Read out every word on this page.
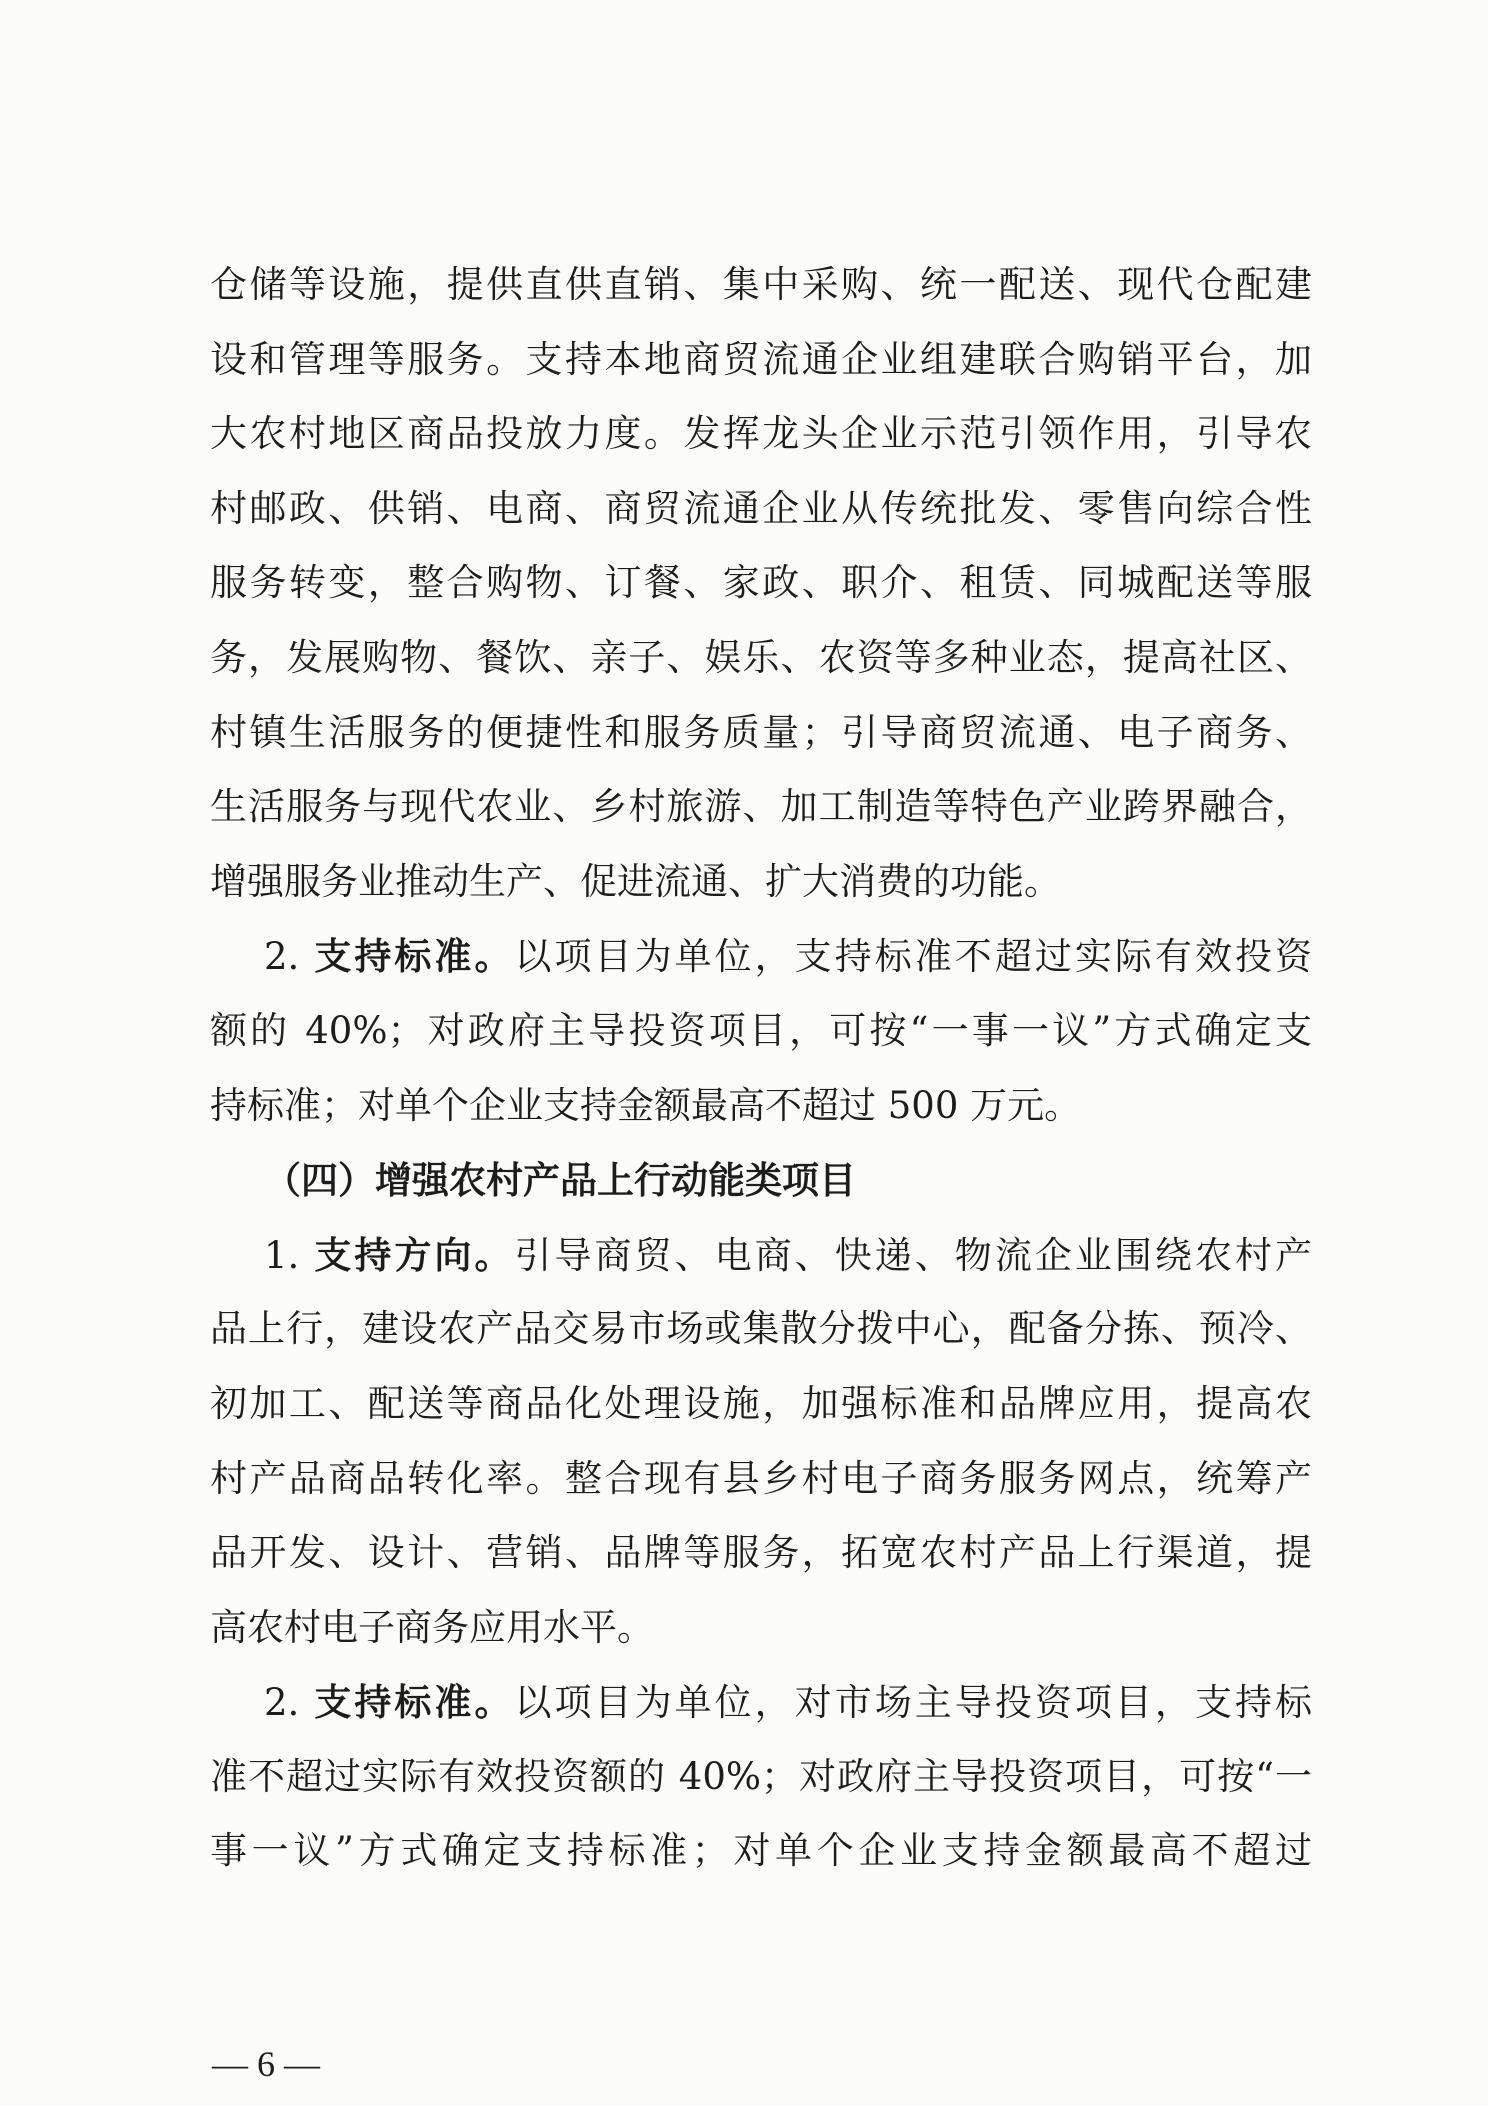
仓储等设施，提供直供直销、集中采购、统一配送、现代仓配建
设和管理等服务。支持本地商贸流通企业组建联合购销平台，加
大农村地区商品投放力度。发挥龙头企业示范引领作用，引导农
村邮政、供销、电商、商贸流通企业从传统批发、零售向综合性
服务转变，整合购物、订餐、家政、职介、租赁、同城配送等服
务，发展购物、餐饮、亲子、娱乐、农资等多种业态，提高社区、
村镇生活服务的便捷性和服务质量；引导商贸流通、电子商务、
生活服务与现代农业、乡村旅游、加工制造等特色产业跨界融合，
增强服务业推动生产、促进流通、扩大消费的功能。
2. 支持标准。以项目为单位，支持标准不超过实际有效投资
额的 40%；对政府主导投资项目，可按“一事一议”方式确定支
持标准；对单个企业支持金额最高不超过 500 万元。
（四）增强农村产品上行动能类项目
1. 支持方向。引导商贸、电商、快递、物流企业围绕农村产
品上行，建设农产品交易市场或集散分拨中心，配备分拣、预冷、
初加工、配送等商品化处理设施，加强标准和品牌应用，提高农
村产品商品转化率。整合现有县乡村电子商务服务网点，统筹产
品开发、设计、营销、品牌等服务，拓宽农村产品上行渠道，提
高农村电子商务应用水平。
2. 支持标准。以项目为单位，对市场主导投资项目，支持标
准不超过实际有效投资额的 40%；对政府主导投资项目，可按“一
事一议”方式确定支持标准；对单个企业支持金额最高不超过
— 6 —
